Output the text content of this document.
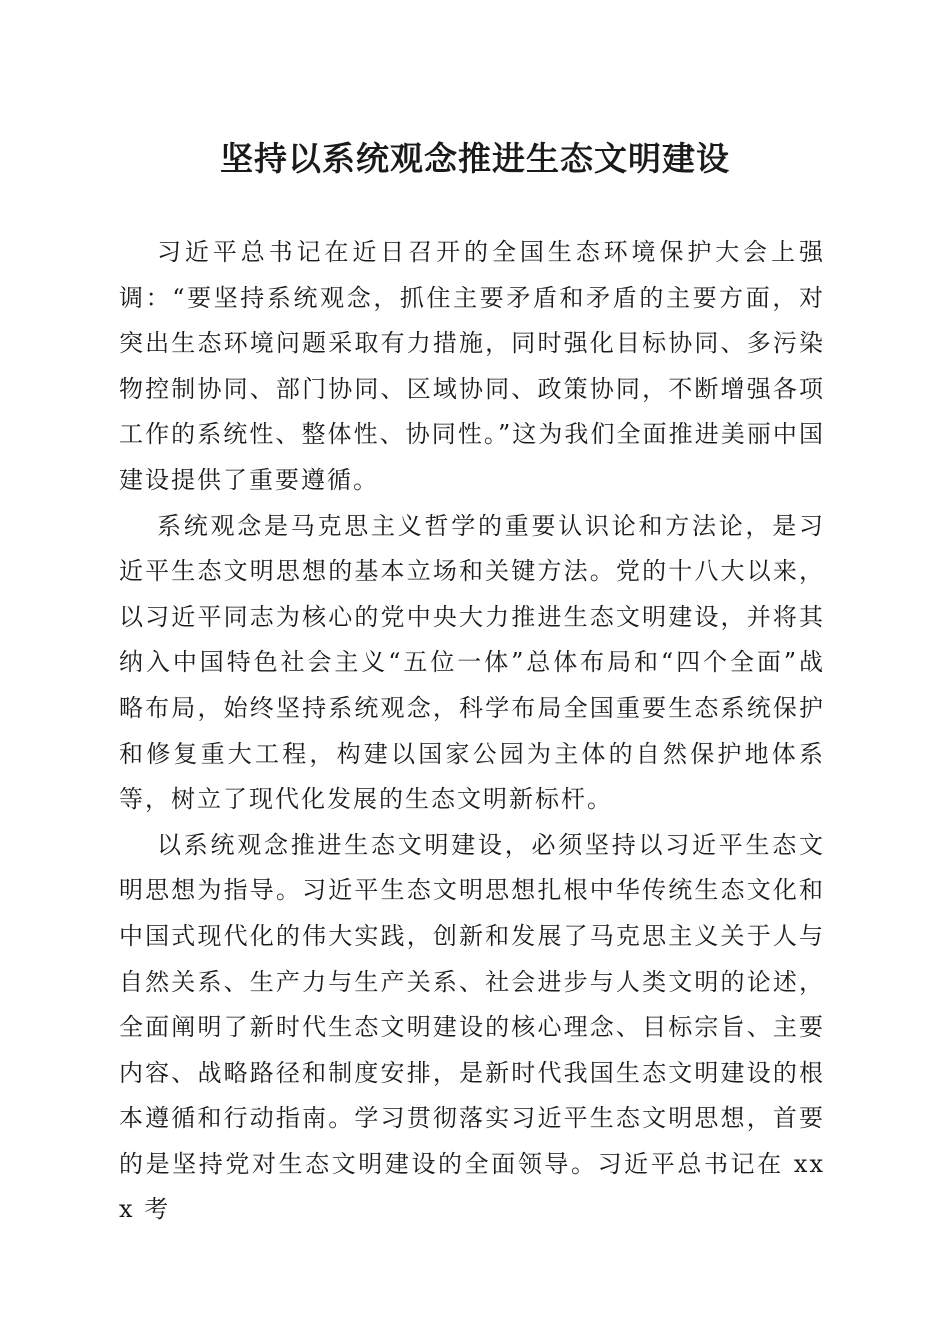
坚持以系统观念推进生态文明建设

习近平总书记在近日召开的全国生态环境保护大会上强调：“要坚持系统观念，抓住主要矛盾和矛盾的主要方面，对突出生态环境问题采取有力措施，同时强化目标协同、多污染物控制协同、部门协同、区域协同、政策协同，不断增强各项工作的系统性、整体性、协同性。”这为我们全面推进美丽中国建设提供了重要遵循。

系统观念是马克思主义哲学的重要认识论和方法论，是习近平生态文明思想的基本立场和关键方法。党的十八大以来，以习近平同志为核心的党中央大力推进生态文明建设，并将其纳入中国特色社会主义“五位一体”总体布局和“四个全面”战略布局，始终坚持系统观念，科学布局全国重要生态系统保护和修复重大工程，构建以国家公园为主体的自然保护地体系等，树立了现代化发展的生态文明新标杆。

以系统观念推进生态文明建设，必须坚持以习近平生态文明思想为指导。习近平生态文明思想扎根中华传统生态文化和中国式现代化的伟大实践，创新和发展了马克思主义关于人与自然关系、生产力与生产关系、社会进步与人类文明的论述，全面阐明了新时代生态文明建设的核心理念、目标宗旨、主要内容、战略路径和制度安排，是新时代我国生态文明建设的根本遵循和行动指南。学习贯彻落实习近平生态文明思想，首要的是坚持党对生态文明建设的全面领导。习近平总书记在 xxx 考
